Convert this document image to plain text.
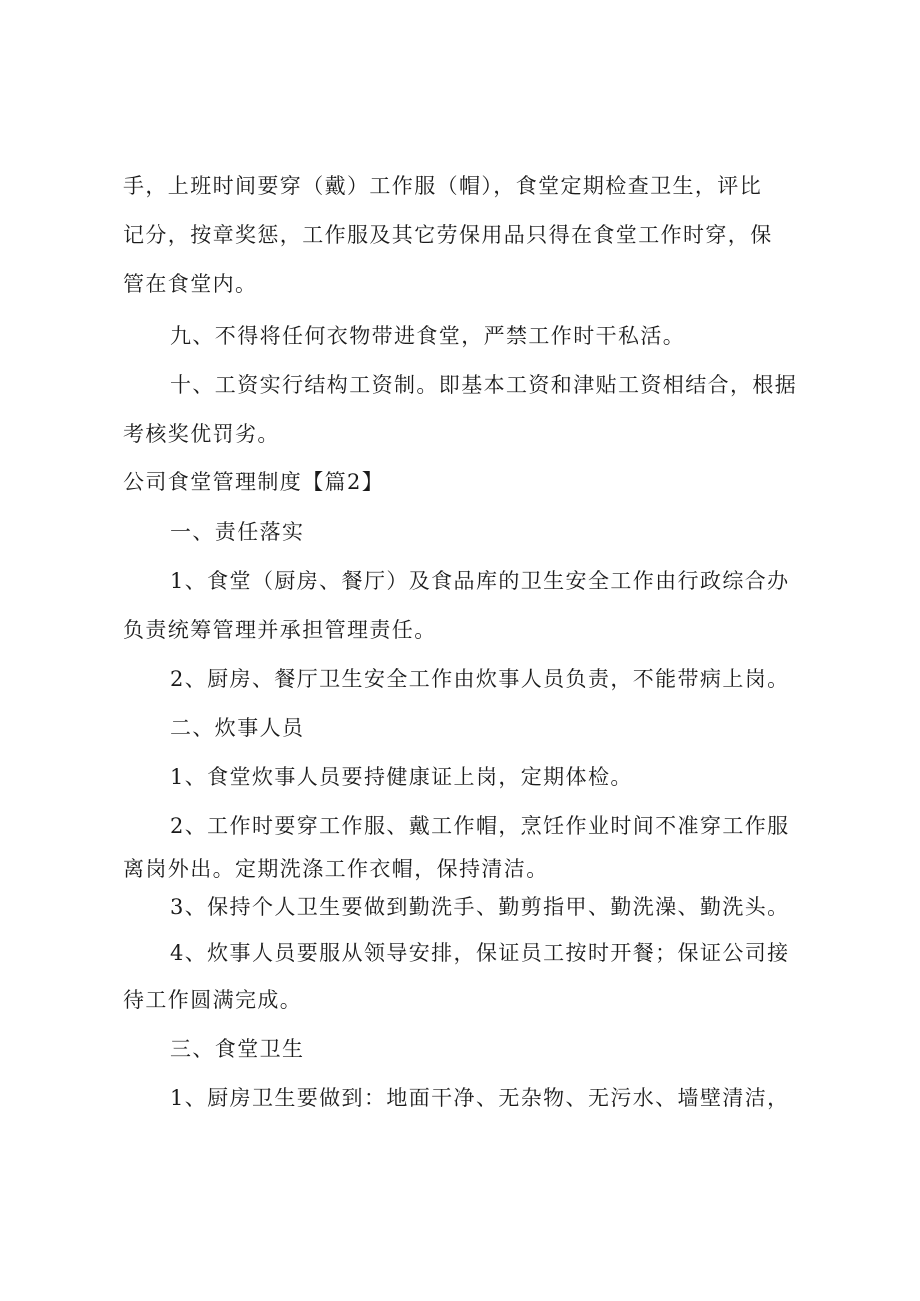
手，上班时间要穿（戴）工作服（帽），食堂定期检查卫生，评比
记分，按章奖惩，工作服及其它劳保用品只得在食堂工作时穿，保
管在食堂内。
九、不得将任何衣物带进食堂，严禁工作时干私活。
十、工资实行结构工资制。即基本工资和津贴工资相结合，根据
考核奖优罚劣。
公司食堂管理制度【篇2】
一、责任落实
1、食堂（厨房、餐厅）及食品库的卫生安全工作由行政综合办
负责统筹管理并承担管理责任。
2、厨房、餐厅卫生安全工作由炊事人员负责，不能带病上岗。
二、炊事人员
1、食堂炊事人员要持健康证上岗，定期体检。
2、工作时要穿工作服、戴工作帽，烹饪作业时间不准穿工作服
离岗外出。定期洗涤工作衣帽，保持清洁。
3、保持个人卫生要做到勤洗手、勤剪指甲、勤洗澡、勤洗头。
4、炊事人员要服从领导安排，保证员工按时开餐；保证公司接
待工作圆满完成。
三、食堂卫生
1、厨房卫生要做到：地面干净、无杂物、无污水、墙壁清洁，
